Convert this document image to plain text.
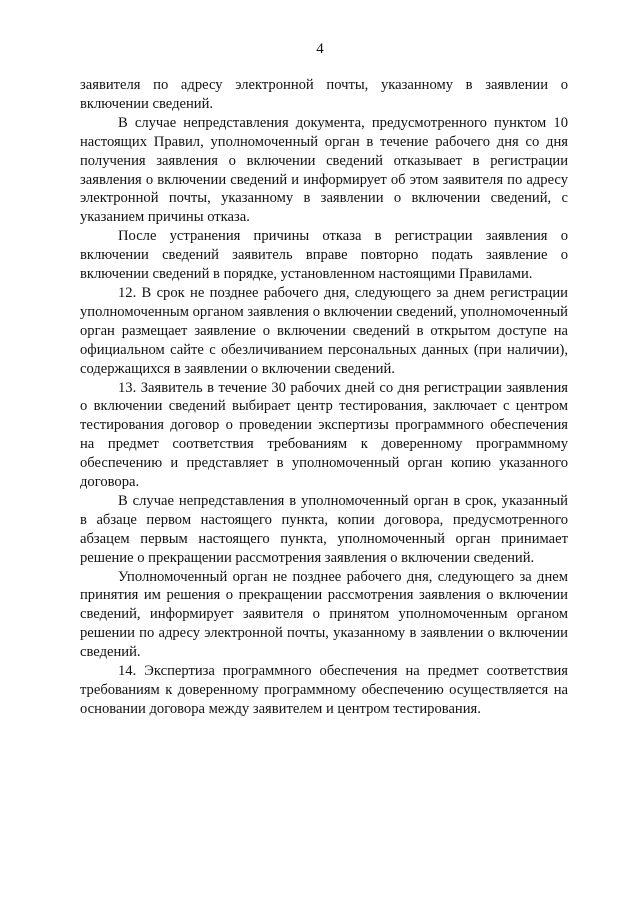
4

заявителя по адресу электронной почты, указанному в заявлении о включении сведений.

В случае непредставления документа, предусмотренного пунктом 10 настоящих Правил, уполномоченный орган в течение рабочего дня со дня получения заявления о включении сведений отказывает в регистрации заявления о включении сведений и информирует об этом заявителя по адресу электронной почты, указанному в заявлении о включении сведений, с указанием причины отказа.

После устранения причины отказа в регистрации заявления о включении сведений заявитель вправе повторно подать заявление о включении сведений в порядке, установленном настоящими Правилами.

12. В срок не позднее рабочего дня, следующего за днем регистрации уполномоченным органом заявления о включении сведений, уполномоченный орган размещает заявление о включении сведений в открытом доступе на официальном сайте с обезличиванием персональных данных (при наличии), содержащихся в заявлении о включении сведений.

13. Заявитель в течение 30 рабочих дней со дня регистрации заявления о включении сведений выбирает центр тестирования, заключает с центром тестирования договор о проведении экспертизы программного обеспечения на предмет соответствия требованиям к доверенному программному обеспечению и представляет в уполномоченный орган копию указанного договора.

В случае непредставления в уполномоченный орган в срок, указанный в абзаце первом настоящего пункта, копии договора, предусмотренного абзацем первым настоящего пункта, уполномоченный орган принимает решение о прекращении рассмотрения заявления о включении сведений.

Уполномоченный орган не позднее рабочего дня, следующего за днем принятия им решения о прекращении рассмотрения заявления о включении сведений, информирует заявителя о принятом уполномоченным органом решении по адресу электронной почты, указанному в заявлении о включении сведений.

14. Экспертиза программного обеспечения на предмет соответствия требованиям к доверенному программному обеспечению осуществляется на основании договора между заявителем и центром тестирования.
